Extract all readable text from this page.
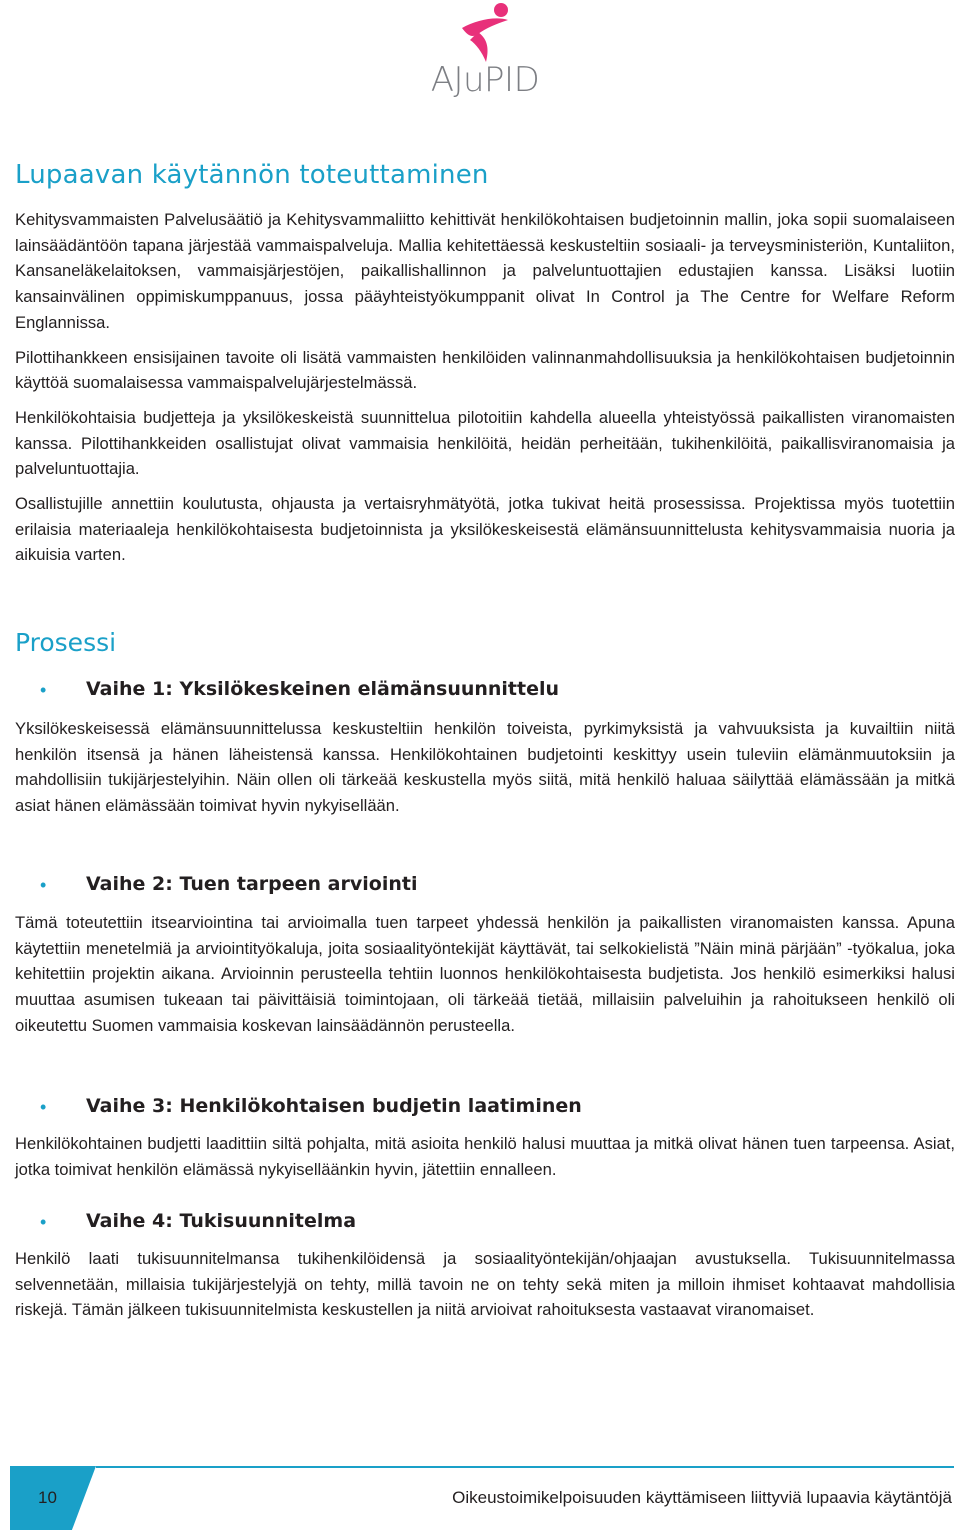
AJuPID
Lupaavan käytännön toteuttaminen

Kehitysvammaisten Palvelusäätiö ja Kehitysvammaliitto kehittivät henkilökohtaisen budjetoinnin mallin, joka sopii suomalaiseen lainsäädäntöön tapana järjestää vammaispalveluja. Mallia kehitettäessä keskusteltiin sosiaali- ja terveysministeriön, Kuntaliiton, Kansaneläkelaitoksen, vammaisjärjestöjen, paikallishallinnon ja palveluntuottajien edustajien kanssa. Lisäksi luotiin kansainvälinen oppimiskumppanuus, jossa pääyhteistyökumppanit olivat In Control ja The Centre for Welfare Reform Englannissa.

Pilottihankkeen ensisijainen tavoite oli lisätä vammaisten henkilöiden valinnanmahdollisuuksia ja henkilökohtaisen budjetoinnin käyttöä suomalaisessa vammaispalvelujärjestelmässä.

Henkilökohtaisia budjetteja ja yksilökeskeistä suunnittelua pilotoitiin kahdella alueella yhteistyössä paikallisten viranomaisten kanssa. Pilottihankkeiden osallistujat olivat vammaisia henkilöitä, heidän perheitään, tukihenkilöitä, paikallisviranomaisia ja palveluntuottajia.

Osallistujille annettiin koulutusta, ohjausta ja vertaisryhmätyötä, jotka tukivat heitä prosessissa. Projektissa myös tuotettiin erilaisia materiaaleja henkilökohtaisesta budjetoinnista ja yksilökeskeisestä elämänsuunnittelusta kehitysvammaisia nuoria ja aikuisia varten.

Prosessi
• Vaihe 1: Yksilökeskeinen elämänsuunnittelu

Yksilökeskeisessä elämänsuunnittelussa keskusteltiin henkilön toiveista, pyrkimyksistä ja vahvuuksista ja kuvailtiin niitä henkilön itsensä ja hänen läheistensä kanssa. Henkilökohtainen budjetointi keskittyy usein tuleviin elämänmuutoksiin ja mahdollisiin tukijärjestelyihin. Näin ollen oli tärkeää keskustella myös siitä, mitä henkilö haluaa säilyttää elämässään ja mitkä asiat hänen elämässään toimivat hyvin nykyisellään.

• Vaihe 2: Tuen tarpeen arviointi

Tämä toteutettiin itsearviointina tai arvioimalla tuen tarpeet yhdessä henkilön ja paikallisten viranomaisten kanssa. Apuna käytettiin menetelmiä ja arviointityökaluja, joita sosiaalityöntekijät käyttävät, tai selkokielistä ”Näin minä pärjään” -työkalua, joka kehitettiin projektin aikana. Arvioinnin perusteella tehtiin luonnos henkilökohtaisesta budjetista. Jos henkilö esimerkiksi halusi muuttaa asumisen tukeaan tai päivittäisiä toimintojaan, oli tärkeää tietää, millaisiin palveluihin ja rahoitukseen henkilö oli oikeutettu Suomen vammaisia koskevan lainsäädännön perusteella.

• Vaihe 3: Henkilökohtaisen budjetin laatiminen

Henkilökohtainen budjetti laadittiin siltä pohjalta, mitä asioita henkilö halusi muuttaa ja mitkä olivat hänen tuen tarpeensa. Asiat, jotka toimivat henkilön elämässä nykyiselläänkin hyvin, jätettiin ennalleen.

• Vaihe 4: Tukisuunnitelma

Henkilö laati tukisuunnitelmansa tukihenkilöidensä ja sosiaalityöntekijän/ohjaajan avustuksella. Tukisuunnitelmassa selvennetään, millaisia tukijärjestelyjä on tehty, millä tavoin ne on tehty sekä miten ja milloin ihmiset kohtaavat mahdollisia riskejä. Tämän jälkeen tukisuunnitelmista keskustellen ja niitä arvioivat rahoituksesta vastaavat viranomaiset.

10	Oikeustoimikelpoisuuden käyttämiseen liittyviä lupaavia käytäntöjä
